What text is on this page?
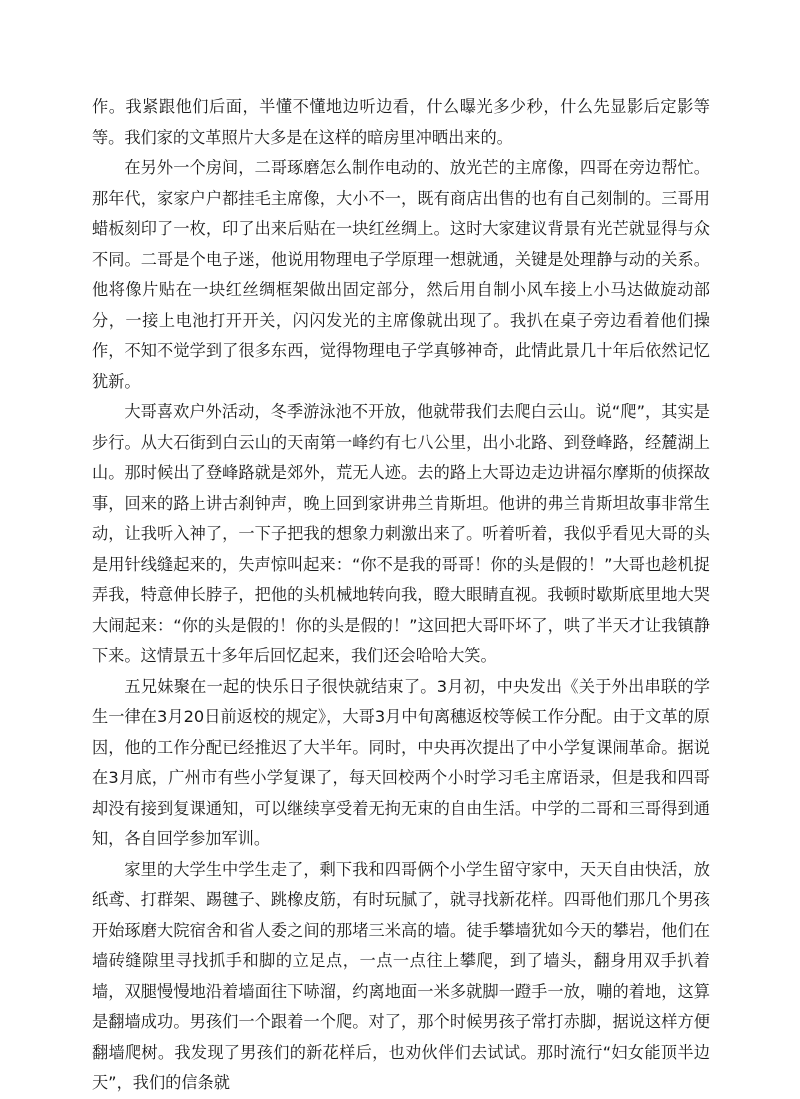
作。我紧跟他们后面，半懂不懂地边听边看，什么曝光多少秒，什么先显影后定影等等。我们家的文革照片大多是在这样的暗房里冲晒出来的。

在另外一个房间，二哥琢磨怎么制作电动的、放光芒的主席像，四哥在旁边帮忙。那年代，家家户户都挂毛主席像，大小不一，既有商店出售的也有自己刻制的。三哥用蜡板刻印了一枚，印了出来后贴在一块红丝绸上。这时大家建议背景有光芒就显得与众不同。二哥是个电子迷，他说用物理电子学原理一想就通，关键是处理静与动的关系。他将像片贴在一块红丝绸框架做出固定部分，然后用自制小风车接上小马达做旋动部分，一接上电池打开开关，闪闪发光的主席像就出现了。我扒在桌子旁边看着他们操作，不知不觉学到了很多东西，觉得物理电子学真够神奇，此情此景几十年后依然记忆犹新。

大哥喜欢户外活动，冬季游泳池不开放，他就带我们去爬白云山。说“爬”，其实是步行。从大石街到白云山的天南第一峰约有七八公里，出小北路、到登峰路，经麓湖上山。那时候出了登峰路就是郊外，荒无人迹。去的路上大哥边走边讲福尔摩斯的侦探故事，回来的路上讲古刹钟声，晚上回到家讲弗兰肯斯坦。他讲的弗兰肯斯坦故事非常生动，让我听入神了，一下子把我的想象力刺激出来了。听着听着，我似乎看见大哥的头是用针线缝起来的，失声惊叫起来：“你不是我的哥哥！你的头是假的！”大哥也趁机捉弄我，特意伸长脖子，把他的头机械地转向我，瞪大眼睛直视。我顿时歇斯底里地大哭大闹起来：“你的头是假的！你的头是假的！”这回把大哥吓坏了，哄了半天才让我镇静下来。这情景五十多年后回忆起来，我们还会哈哈大笑。

五兄妹聚在一起的快乐日子很快就结束了。3月初，中央发出《关于外出串联的学生一律在3月20日前返校的规定》，大哥3月中旬离穗返校等候工作分配。由于文革的原因，他的工作分配已经推迟了大半年。同时，中央再次提出了中小学复课闹革命。据说在3月底，广州市有些小学复课了，每天回校两个小时学习毛主席语录，但是我和四哥却没有接到复课通知，可以继续享受着无拘无束的自由生活。中学的二哥和三哥得到通知，各自回学参加军训。

家里的大学生中学生走了，剩下我和四哥俩个小学生留守家中，天天自由快活，放纸鸢、打群架、踢毽子、跳橡皮筋，有时玩腻了，就寻找新花样。四哥他们那几个男孩开始琢磨大院宿舍和省人委之间的那堵三米高的墙。徒手攀墙犹如今天的攀岩，他们在墙砖缝隙里寻找抓手和脚的立足点，一点一点往上攀爬，到了墙头，翻身用双手扒着墙，双腿慢慢地沿着墙面往下哧溜，约离地面一米多就脚一蹬手一放，嘣的着地，这算是翻墙成功。男孩们一个跟着一个爬。对了，那个时候男孩子常打赤脚，据说这样方便翻墙爬树。我发现了男孩们的新花样后，也劝伙伴们去试试。那时流行“妇女能顶半边天”，我们的信条就
